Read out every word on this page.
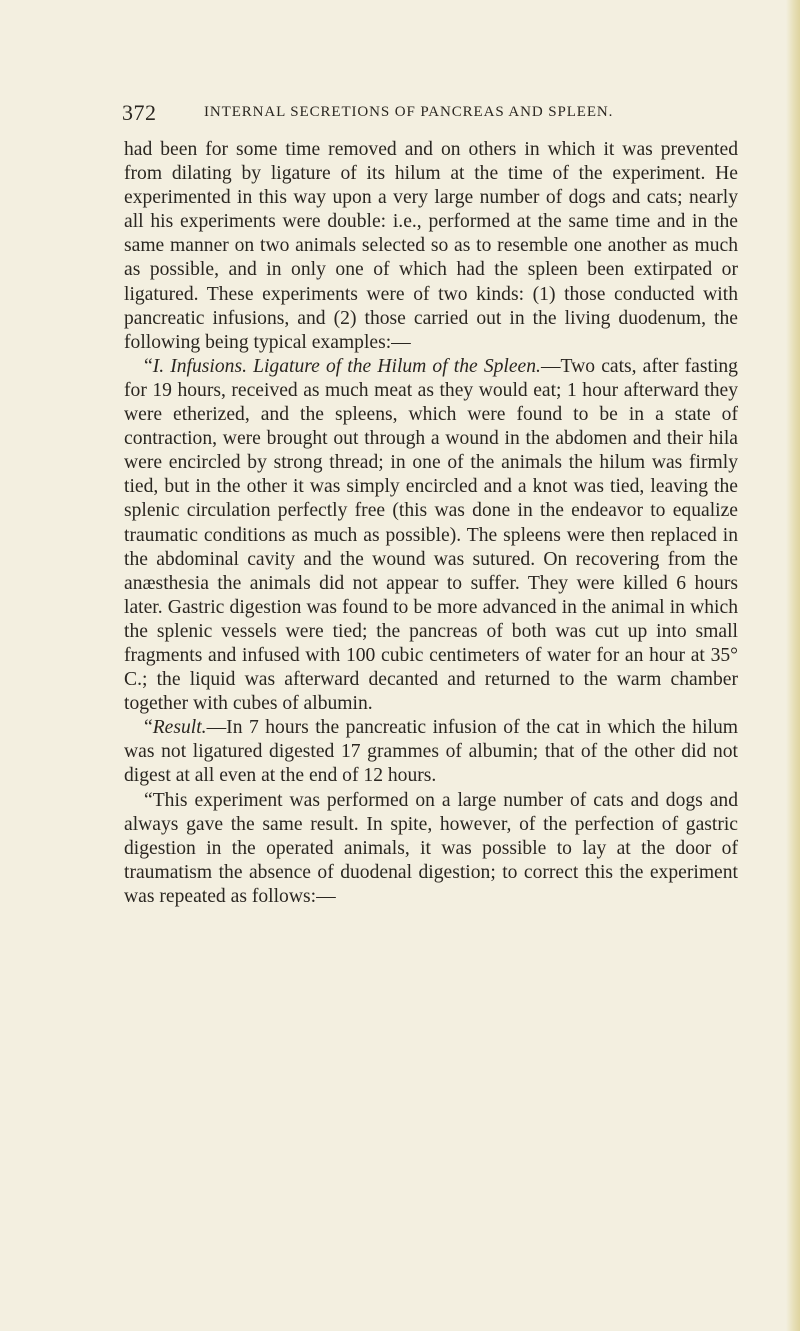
372	INTERNAL SECRETIONS OF PANCREAS AND SPLEEN.

had been for some time removed and on others in which it was prevented from dilating by ligature of its hilum at the time of the experiment. He experimented in this way upon a very large number of dogs and cats; nearly all his experiments were double: i.e., performed at the same time and in the same manner on two animals selected so as to resemble one another as much as possible, and in only one of which had the spleen been extirpated or ligatured. These experiments were of two kinds: (1) those conducted with pancreatic infusions, and (2) those carried out in the living duodenum, the following being typical examples:—

“I. Infusions. Ligature of the Hilum of the Spleen.—Two cats, after fasting for 19 hours, received as much meat as they would eat; 1 hour afterward they were etherized, and the spleens, which were found to be in a state of contraction, were brought out through a wound in the abdomen and their hila were encircled by strong thread; in one of the animals the hilum was firmly tied, but in the other it was simply encircled and a knot was tied, leaving the splenic circulation perfectly free (this was done in the endeavor to equalize traumatic conditions as much as possible). The spleens were then replaced in the abdominal cavity and the wound was sutured. On recovering from the anæsthesia the animals did not appear to suffer. They were killed 6 hours later. Gastric digestion was found to be more advanced in the animal in which the splenic vessels were tied; the pancreas of both was cut up into small fragments and infused with 100 cubic centimeters of water for an hour at 35° C.; the liquid was afterward decanted and returned to the warm chamber together with cubes of albumin.

“Result.—In 7 hours the pancreatic infusion of the cat in which the hilum was not ligatured digested 17 grammes of albumin; that of the other did not digest at all even at the end of 12 hours.

“This experiment was performed on a large number of cats and dogs and always gave the same result. In spite, however, of the perfection of gastric digestion in the operated animals, it was possible to lay at the door of traumatism the absence of duodenal digestion; to correct this the experiment was repeated as follows:—
